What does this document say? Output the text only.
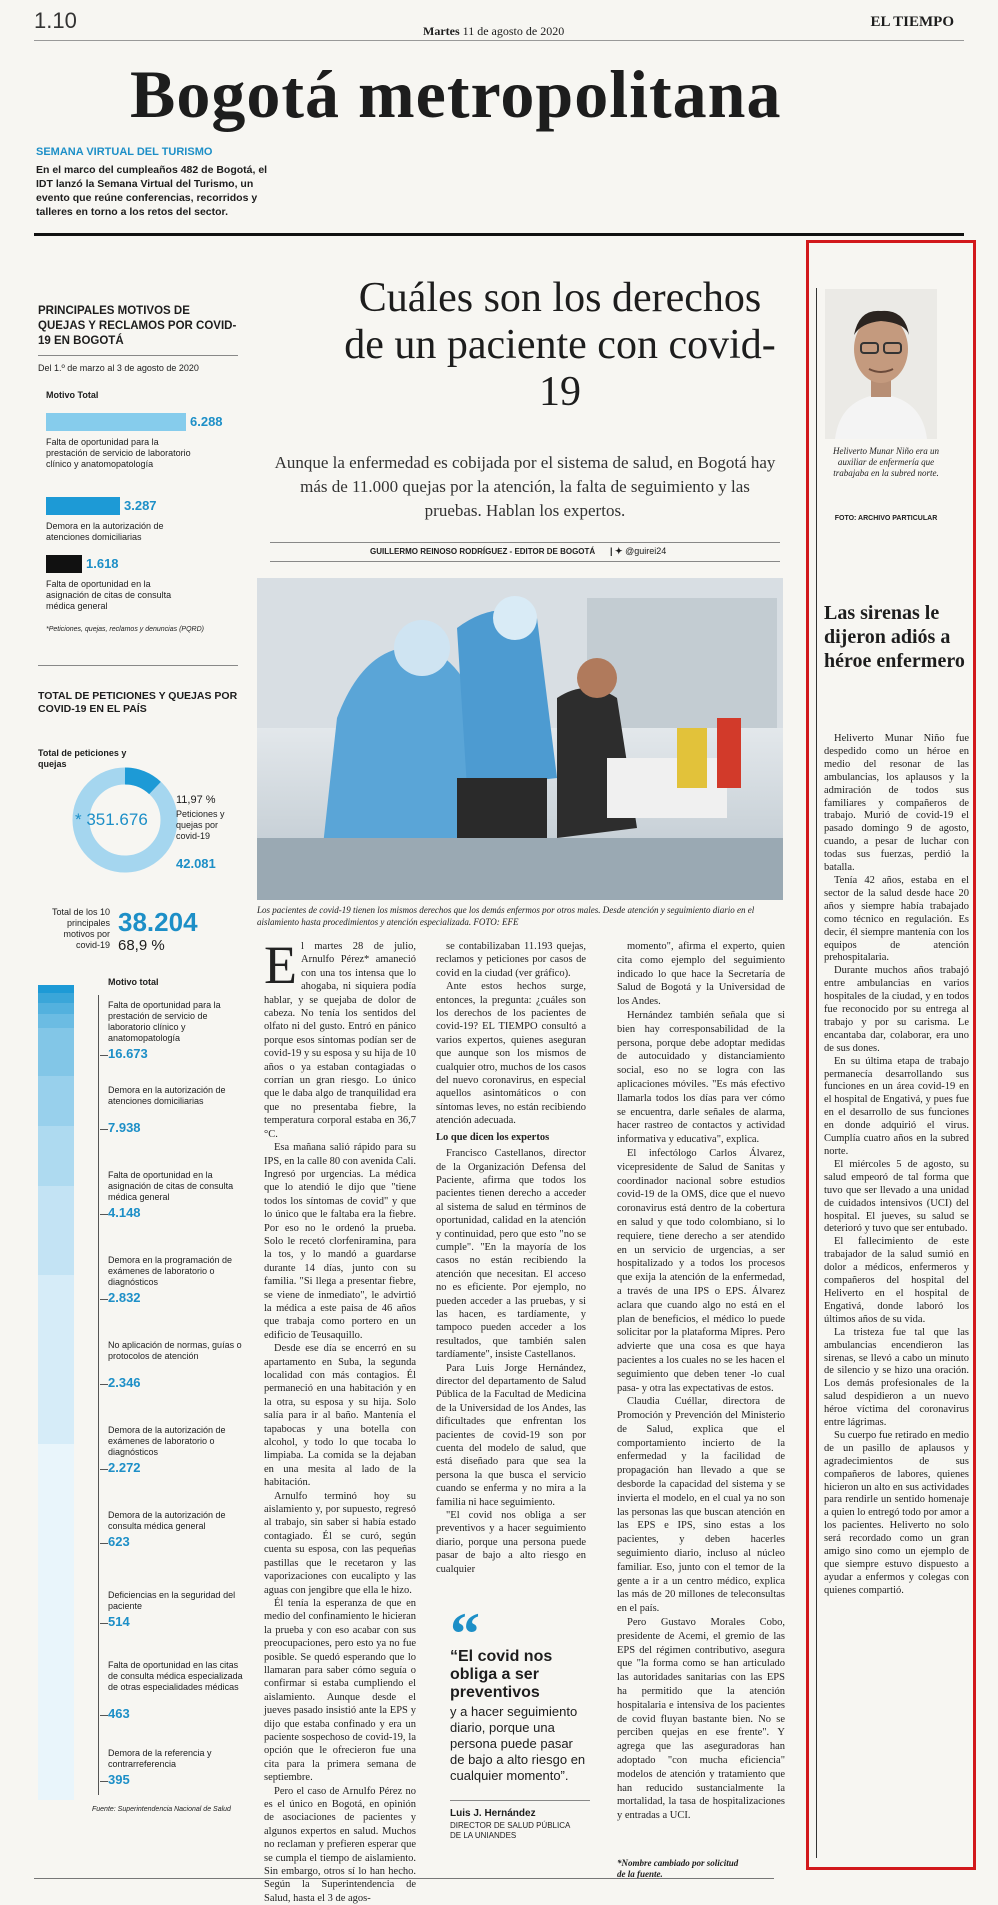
1.10	Martes 11 de agosto de 2020
EL TIEMPO
Bogotá metropolitana
SEMANA VIRTUAL DEL TURISMO
En el marco del cumpleaños 482 de Bogotá, el IDT lanzó la Semana Virtual del Turismo, un evento que reúne conferencias, recorridos y talleres en torno a los retos del sector.
PRINCIPALES MOTIVOS DE QUEJAS Y RECLAMOS POR COVID-19 EN BOGOTÁ
Del 1.º de marzo al 3 de agosto de 2020
Motivo Total
6.288
Falta de oportunidad para la prestación de servicio de laboratorio clínico y anatomopatología
3.287
Demora en la autorización de atenciones domiciliarias
1.618
Falta de oportunidad en la asignación de citas de consulta médica general
*Peticiones, quejas, reclamos y denuncias (PQRD)
TOTAL DE PETICIONES Y QUEJAS POR COVID-19 EN EL PAÍS
Total de peticiones y quejas
* 351.676
11,97 %
Peticiones y quejas por covid-19
42.081
Total de los 10 principales motivos por covid-19
38.204
68,9 %
Motivo total
Falta de oportunidad para la prestación de servicio de laboratorio clínico y anatomopatología
16.673
Demora en la autorización de atenciones domiciliarias
7.938
Falta de oportunidad en la asignación de citas de consulta médica general
4.148
Demora en la programación de exámenes de laboratorio o diagnósticos
2.832
No aplicación de normas, guías o protocolos de atención
2.346
Demora de la autorización de exámenes de laboratorio o diagnósticos
2.272
Demora de la autorización de consulta médica general
623
Deficiencias en la seguridad del paciente
514
Falta de oportunidad en las citas de consulta médica especializada de otras especialidades médicas
463
Demora de la referencia y contrarreferencia
395
Fuente: Superintendencia Nacional de Salud
Cuáles son los derechos de un paciente con covid-19
Aunque la enfermedad es cobijada por el sistema de salud, en Bogotá hay más de 11.000 quejas por la atención, la falta de seguimiento y las pruebas. Hablan los expertos.
GUILLERMO REINOSO RODRÍGUEZ - EDITOR DE BOGOTÁ | ✦ @guirei24
Los pacientes de covid-19 tienen los mismos derechos que los demás enfermos por otros males. Desde atención y seguimiento diario en el aislamiento hasta procedimientos y atención especializada. FOTO: EFE
E l martes 28 de julio, Arnulfo Pérez* amaneció con una tos intensa que lo ahogaba, ni siquiera podía hablar, y se quejaba de dolor de cabeza. No tenía los sentidos del olfato ni del gusto. Entró en pánico porque esos síntomas podían ser de covid-19 y su esposa y su hija de 10 años o ya estaban contagiadas o corrían un gran riesgo. Lo único que le daba algo de tranquilidad era que no presentaba fiebre, la temperatura corporal estaba en 36,7 °C.

Esa mañana salió rápido para su IPS, en la calle 80 con avenida Cali. Ingresó por urgencias. La médica que lo atendió le dijo que "tiene todos los síntomas de covid" y que lo único que le faltaba era la fiebre. Por eso no le ordenó la prueba. Solo le recetó clorfeniramina, para la tos, y lo mandó a guardarse durante 14 días, junto con su familia. "Si llega a presentar fiebre, se viene de inmediato", le advirtió la médica a este paisa de 46 años que trabaja como portero en un edificio de Teusaquillo.

Desde ese día se encerró en su apartamento en Suba, la segunda localidad con más contagios. Él permaneció en una habitación y en la otra, su esposa y su hija. Solo salía para ir al baño. Mantenía el tapabocas y una botella con alcohol, y todo lo que tocaba lo limpiaba. La comida se la dejaban en una mesita al lado de la habitación.

Arnulfo terminó hoy su aislamiento y, por supuesto, regresó al trabajo, sin saber si había estado contagiado. Él se curó, según cuenta su esposa, con las pequeñas pastillas que le recetaron y las vaporizaciones con eucalipto y las aguas con jengibre que ella le hizo.

Él tenía la esperanza de que en medio del confinamiento le hicieran la prueba y con eso acabar con sus preocupaciones, pero esto ya no fue posible. Se quedó esperando que lo llamaran para saber cómo seguía o confirmar si estaba cumpliendo el aislamiento. Aunque desde el jueves pasado insistió ante la EPS y dijo que estaba confinado y era un paciente sospechoso de covid-19, la opción que le ofrecieron fue una cita para la primera semana de septiembre.

Pero el caso de Arnulfo Pérez no es el único en Bogotá, en opinión de asociaciones de pacientes y algunos expertos en salud. Muchos no reclaman y prefieren esperar que se cumpla el tiempo de aislamiento. Sin embargo, otros sí lo han hecho. Según la Superintendencia de Salud, hasta el 3 de agos-

se contabilizaban 11.193 quejas, reclamos y peticiones por casos de covid en la ciudad (ver gráfico).

Ante estos hechos surge, entonces, la pregunta: ¿cuáles son los derechos de los pacientes de covid-19? EL TIEMPO consultó a varios expertos, quienes aseguran que aunque son los mismos de cualquier otro, muchos de los casos del nuevo coronavirus, en especial aquellos asintomáticos o con síntomas leves, no están recibiendo atención adecuada.

Lo que dicen los expertos

Francisco Castellanos, director de la Organización Defensa del Paciente, afirma que todos los pacientes tienen derecho a acceder al sistema de salud en términos de oportunidad, calidad en la atención y continuidad, pero que esto "no se cumple". "En la mayoría de los casos no están recibiendo la atención que necesitan. El acceso no es eficiente. Por ejemplo, no pueden acceder a las pruebas, y si las hacen, es tardíamente, y tampoco pueden acceder a los resultados, que también salen tardíamente", insiste Castellanos.

Para Luis Jorge Hernández, director del departamento de Salud Pública de la Facultad de Medicina de la Universidad de los Andes, las dificultades que enfrentan los pacientes de covid-19 son por cuenta del modelo de salud, que está diseñado para que sea la persona la que busca el servicio cuando se enferma y no mira a la familia ni hace seguimiento.

"El covid nos obliga a ser preventivos y a hacer seguimiento diario, porque una persona puede pasar de bajo a alto riesgo en cualquier

“
“El covid nos obliga a ser preventivos
y a hacer seguimiento diario, porque una persona puede pasar de bajo a alto riesgo en cualquier momento”.
Luis J. Hernández
DIRECTOR DE SALUD PÚBLICA DE LA UNIANDES

momento", afirma el experto, quien cita como ejemplo del seguimiento indicado lo que hace la Secretaría de Salud de Bogotá y la Universidad de los Andes.

Hernández también señala que si bien hay corresponsabilidad de la persona, porque debe adoptar medidas de autocuidado y distanciamiento social, eso no se logra con las aplicaciones móviles. "Es más efectivo llamarla todos los días para ver cómo se encuentra, darle señales de alarma, hacer rastreo de contactos y actividad informativa y educativa", explica.

El infectólogo Carlos Álvarez, vicepresidente de Salud de Sanitas y coordinador nacional sobre estudios covid-19 de la OMS, dice que el nuevo coronavirus está dentro de la cobertura en salud y que todo colombiano, si lo requiere, tiene derecho a ser atendido en un servicio de urgencias, a ser hospitalizado y a todos los procesos que exija la atención de la enfermedad, a través de una IPS o EPS. Álvarez aclara que cuando algo no está en el plan de beneficios, el médico lo puede solicitar por la plataforma Mipres. Pero advierte que una cosa es que haya pacientes a los cuales no se les hacen el seguimiento que deben tener -lo cual pasa- y otra las expectativas de estos.

Claudia Cuéllar, directora de Promoción y Prevención del Ministerio de Salud, explica que el comportamiento incierto de la enfermedad y la facilidad de propagación han llevado a que se desborde la capacidad del sistema y se invierta el modelo, en el cual ya no son las personas las que buscan atención en las EPS e IPS, sino estas a los pacientes, y deben hacerles seguimiento diario, incluso al núcleo familiar. Eso, junto con el temor de la gente a ir a un centro médico, explica las más de 20 millones de teleconsultas en el país.

Pero Gustavo Morales Cobo, presidente de Acemi, el gremio de las EPS del régimen contributivo, asegura que "la forma como se han articulado las autoridades sanitarias con las EPS ha permitido que la atención hospitalaria e intensiva de los pacientes de covid fluyan bastante bien. No se perciben quejas en ese frente". Y agrega que las aseguradoras han adoptado "con mucha eficiencia" modelos de atención y tratamiento que han reducido sustancialmente la mortalidad, la tasa de hospitalizaciones y entradas a UCI.

*Nombre cambiado por solicitud de la fuente.
Heliverto Munar Niño era un auxiliar de enfermería que trabajaba en la subred norte.
FOTO: ARCHIVO PARTICULAR
Las sirenas le dijeron adiós a héroe enfermero

Heliverto Munar Niño fue despedido como un héroe en medio del resonar de las ambulancias, los aplausos y la admiración de todos sus familiares y compañeros de trabajo. Murió de covid-19 el pasado domingo 9 de agosto, cuando, a pesar de luchar con todas sus fuerzas, perdió la batalla.

Tenía 42 años, estaba en el sector de la salud desde hace 20 años y siempre había trabajado como técnico en regulación. Es decir, él siempre mantenía con los equipos de atención prehospitalaria.

Durante muchos años trabajó entre ambulancias en varios hospitales de la ciudad, y en todos fue reconocido por su entrega al trabajo y por su carisma. Le encantaba dar, colaborar, era uno de sus dones.

En su última etapa de trabajo permanecía desarrollando sus funciones en un área covid-19 en el hospital de Engativá, y pues fue en el desarrollo de sus funciones en donde adquirió el virus. Cumplía cuatro años en la subred norte.

El miércoles 5 de agosto, su salud empeoró de tal forma que tuvo que ser llevado a una unidad de cuidados intensivos (UCI) del hospital. El jueves, su salud se deterioró y tuvo que ser entubado.

El fallecimiento de este trabajador de la salud sumió en dolor a médicos, enfermeros y compañeros del hospital del Heliverto en el hospital de Engativá, donde laboró los últimos años de su vida.

La tristeza fue tal que las ambulancias encendieron las sirenas, se llevó a cabo un minuto de silencio y se hizo una oración. Los demás profesionales de la salud despidieron a un nuevo héroe víctima del coronavirus entre lágrimas.

Su cuerpo fue retirado en medio de un pasillo de aplausos y agradecimientos de sus compañeros de labores, quienes hicieron un alto en sus actividades para rendirle un sentido homenaje a quien lo entregó todo por amor a los pacientes. Heliverto no solo será recordado como un gran amigo sino como un ejemplo de que siempre estuvo dispuesto a ayudar a enfermos y colegas con quienes compartió.
